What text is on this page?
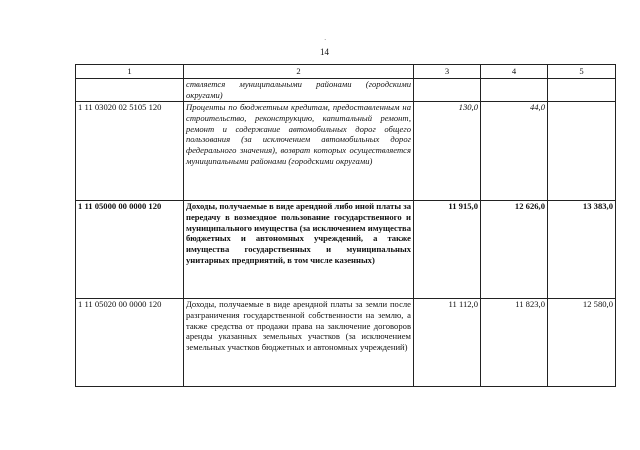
·
14
1	2	3	4	5
	ствляется муниципальными районами (городскими округами)			
1 11 03020 02 5105 120	Проценты по бюджетным кредитам, предоставленным на строительство, реконструкцию, капитальный ремонт, ремонт и содержание автомобильных дорог общего пользования (за исключением автомобильных дорог федерального значения), возврат которых осуществляется муниципальными районами (городскими округами)	130,0	44,0	
1 11 05000 00 0000 120	Доходы, получаемые в виде арендной либо иной платы за передачу в возмездное пользование государственного и муниципального имущества (за исключением имущества бюджетных и автономных учреждений, а также имущества государственных и муниципальных унитарных предприятий, в том числе казенных)	11 915,0	12 626,0	13 383,0
1 11 05020 00 0000 120	Доходы, получаемые в виде арендной платы за земли после разграничения государственной собственности на землю, а также средства от продажи права на заключение договоров аренды указанных земельных участков (за исключением земельных участков бюджетных и автономных учреждений)	11 112,0	11 823,0	12 580,0
